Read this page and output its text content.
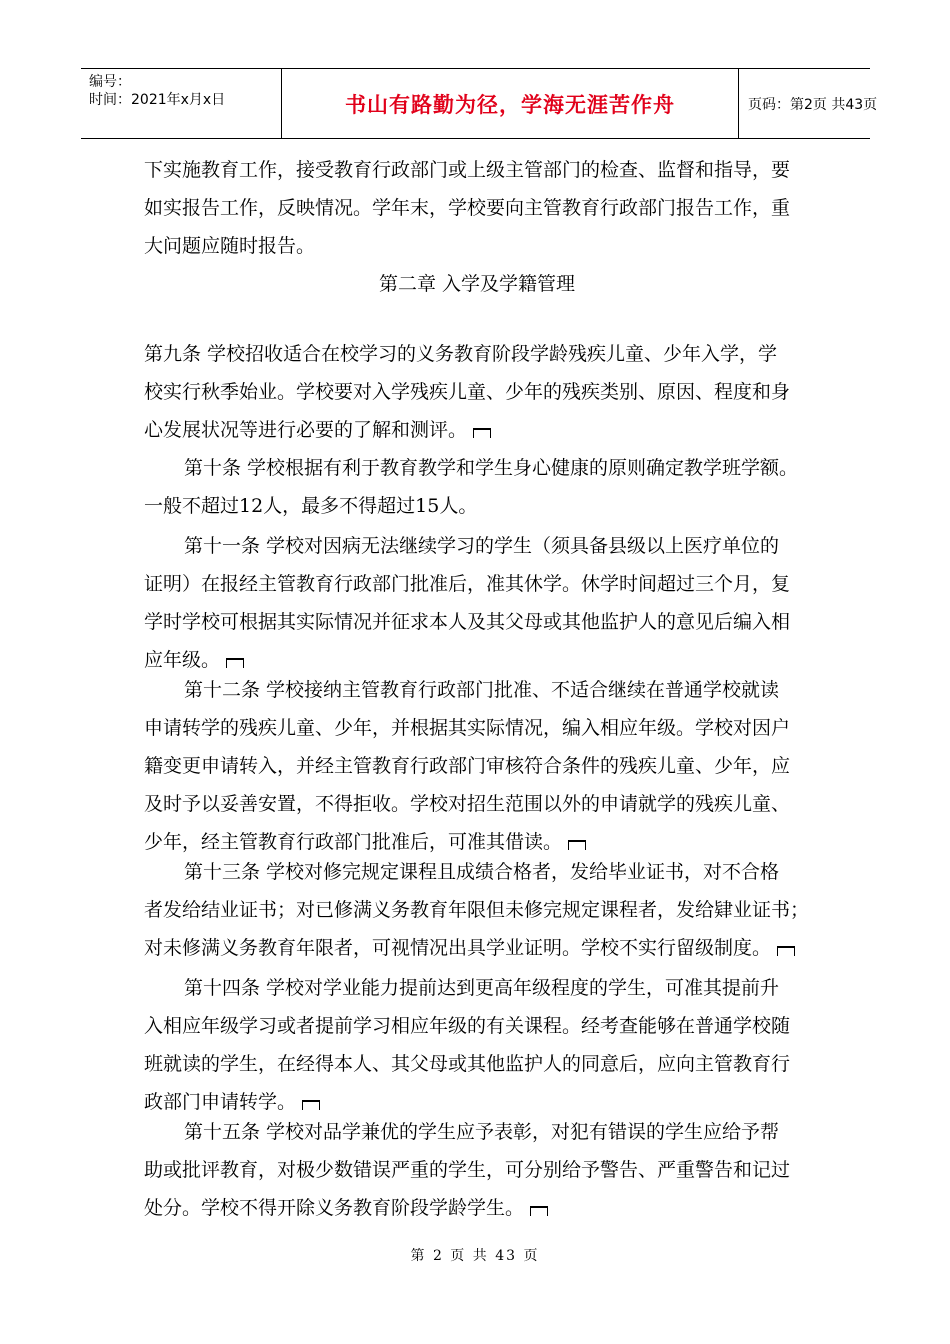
编号：
时间：2021年x月x日	书山有路勤为径，学海无涯苦作舟	页码：第2页 共43页
下实施教育工作，接受教育行政部门或上级主管部门的检查、监督和指导，要
如实报告工作，反映情况。学年末，学校要向主管教育行政部门报告工作，重
大问题应随时报告。
第二章 入学及学籍管理
第九条 学校招收适合在校学习的义务教育阶段学龄残疾儿童、少年入学，学
校实行秋季始业。学校要对入学残疾儿童、少年的残疾类别、原因、程度和身
心发展状况等进行必要的了解和测评。
第十条 学校根据有利于教育教学和学生身心健康的原则确定教学班学额。
一般不超过12人，最多不得超过15人。
第十一条 学校对因病无法继续学习的学生（须具备县级以上医疗单位的
证明）在报经主管教育行政部门批准后，准其休学。休学时间超过三个月，复
学时学校可根据其实际情况并征求本人及其父母或其他监护人的意见后编入相
应年级。
第十二条 学校接纳主管教育行政部门批准、不适合继续在普通学校就读
申请转学的残疾儿童、少年，并根据其实际情况，编入相应年级。学校对因户
籍变更申请转入，并经主管教育行政部门审核符合条件的残疾儿童、少年，应
及时予以妥善安置，不得拒收。学校对招生范围以外的申请就学的残疾儿童、
少年，经主管教育行政部门批准后，可准其借读。
第十三条 学校对修完规定课程且成绩合格者，发给毕业证书，对不合格
者发给结业证书；对已修满义务教育年限但未修完规定课程者，发给肄业证书；
对未修满义务教育年限者，可视情况出具学业证明。学校不实行留级制度。
第十四条 学校对学业能力提前达到更高年级程度的学生，可准其提前升
入相应年级学习或者提前学习相应年级的有关课程。经考查能够在普通学校随
班就读的学生，在经得本人、其父母或其他监护人的同意后，应向主管教育行
政部门申请转学。
第十五条 学校对品学兼优的学生应予表彰，对犯有错误的学生应给予帮
助或批评教育，对极少数错误严重的学生，可分别给予警告、严重警告和记过
处分。学校不得开除义务教育阶段学龄学生。
第 2 页 共 43 页
